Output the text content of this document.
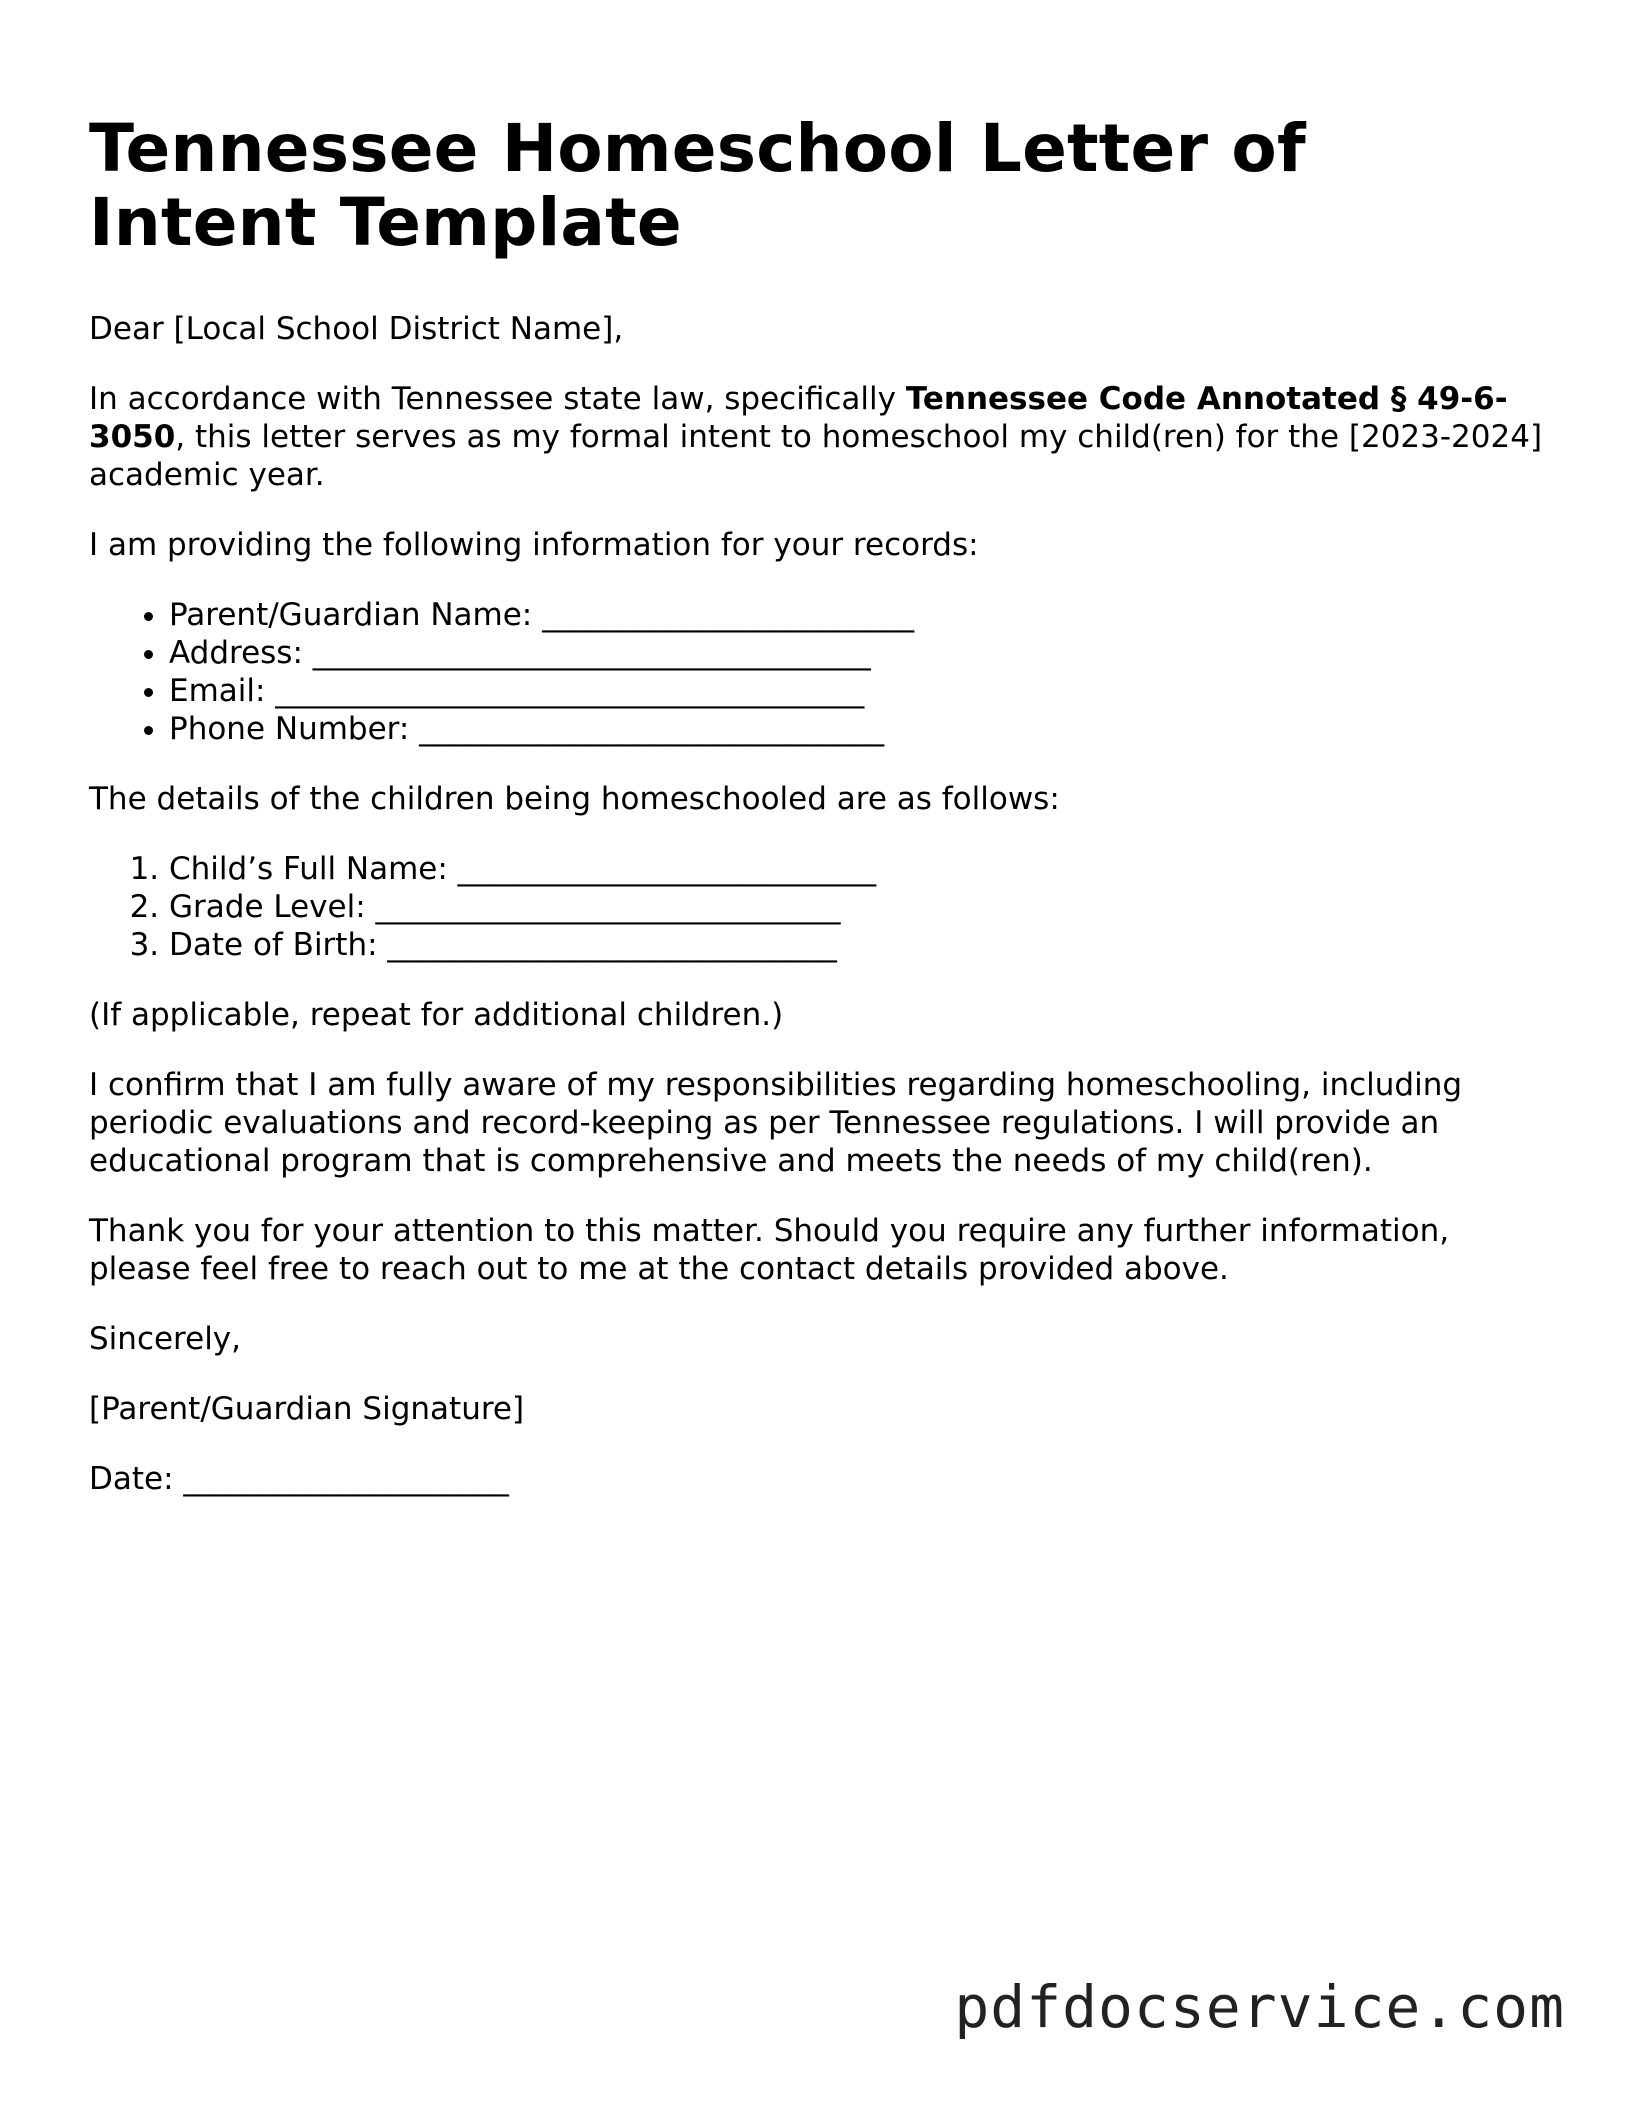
Tennessee Homeschool Letter of Intent Template

Dear [Local School District Name],

In accordance with Tennessee state law, specifically Tennessee Code Annotated § 49-6-3050, this letter serves as my formal intent to homeschool my child(ren) for the [2023-2024] academic year.

I am providing the following information for your records:

• Parent/Guardian Name: ________________________
• Address: ____________________________________
• Email: ______________________________________
• Phone Number: ______________________________

The details of the children being homeschooled are as follows:

1. Child’s Full Name: ___________________________
2. Grade Level: ______________________________
3. Date of Birth: _____________________________

(If applicable, repeat for additional children.)

I confirm that I am fully aware of my responsibilities regarding homeschooling, including periodic evaluations and record-keeping as per Tennessee regulations. I will provide an educational program that is comprehensive and meets the needs of my child(ren).

Thank you for your attention to this matter. Should you require any further information, please feel free to reach out to me at the contact details provided above.

Sincerely,

[Parent/Guardian Signature]

Date: _____________________

pdfdocservice.com
